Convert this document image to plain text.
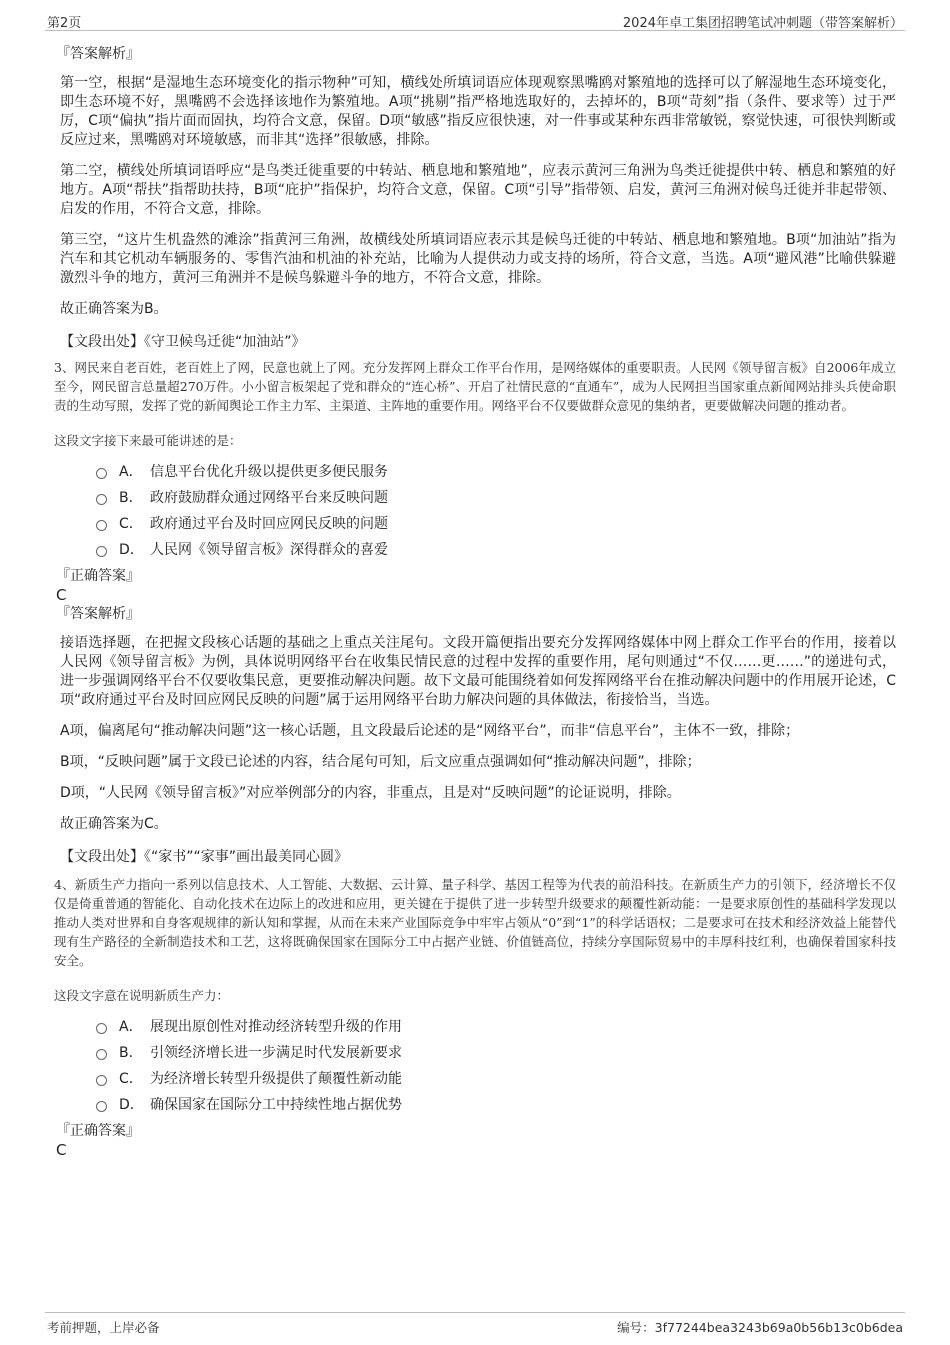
第2页	2024年卓工集团招聘笔试冲刺题（带答案解析）

『答案解析』

第一空，根据“是湿地生态环境变化的指示物种”可知，横线处所填词语应体现观察黑嘴鸥对繁殖地的选择可以了解湿地生态环境变化，即生态环境不好，黑嘴鸥不会选择该地作为繁殖地。A项“挑剔”指严格地选取好的，去掉坏的，B项“苛刻”指（条件、要求等）过于严厉，C项“偏执”指片面而固执，均符合文意，保留。D项“敏感”指反应很快速，对一件事或某种东西非常敏锐，察觉快速，可很快判断或反应过来，黑嘴鸥对环境敏感，而非其“选择”很敏感，排除。

第二空，横线处所填词语呼应“是鸟类迁徙重要的中转站、栖息地和繁殖地”，应表示黄河三角洲为鸟类迁徙提供中转、栖息和繁殖的好地方。A项“帮扶”指帮助扶持，B项“庇护”指保护，均符合文意，保留。C项“引导”指带领、启发，黄河三角洲对候鸟迁徙并非起带领、启发的作用，不符合文意，排除。

第三空，“这片生机盎然的滩涂”指黄河三角洲，故横线处所填词语应表示其是候鸟迁徙的中转站、栖息地和繁殖地。B项“加油站”指为汽车和其它机动车辆服务的、零售汽油和机油的补充站，比喻为人提供动力或支持的场所，符合文意，当选。A项“避风港”比喻供躲避激烈斗争的地方，黄河三角洲并不是候鸟躲避斗争的地方，不符合文意，排除。

故正确答案为B。

【文段出处】《守卫候鸟迁徙“加油站”》

3、网民来自老百姓，老百姓上了网，民意也就上了网。充分发挥网上群众工作平台作用，是网络媒体的重要职责。人民网《领导留言板》自2006年成立至今，网民留言总量超270万件。小小留言板架起了党和群众的“连心桥”、开启了社情民意的“直通车”，成为人民网担当国家重点新闻网站排头兵使命职责的生动写照，发挥了党的新闻舆论工作主力军、主渠道、主阵地的重要作用。网络平台不仅要做群众意见的集纳者，更要做解决问题的推动者。

这段文字接下来最可能讲述的是：

A． 信息平台优化升级以提供更多便民服务
B． 政府鼓励群众通过网络平台来反映问题
C． 政府通过平台及时回应网民反映的问题
D． 人民网《领导留言板》深得群众的喜爱

『正确答案』

C

『答案解析』

接语选择题，在把握文段核心话题的基础之上重点关注尾句。文段开篇便指出要充分发挥网络媒体中网上群众工作平台的作用，接着以人民网《领导留言板》为例，具体说明网络平台在收集民情民意的过程中发挥的重要作用，尾句则通过“不仅……更……”的递进句式，进一步强调网络平台不仅要收集民意，更要推动解决问题。故下文最可能围绕着如何发挥网络平台在推动解决问题中的作用展开论述，C项“政府通过平台及时回应网民反映的问题”属于运用网络平台助力解决问题的具体做法，衔接恰当，当选。

A项，偏离尾句“推动解决问题”这一核心话题，且文段最后论述的是“网络平台”，而非“信息平台”，主体不一致，排除；

B项，“反映问题”属于文段已论述的内容，结合尾句可知，后文应重点强调如何“推动解决问题”，排除；

D项，“人民网《领导留言板》”对应举例部分的内容，非重点，且是对“反映问题”的论证说明，排除。

故正确答案为C。

【文段出处】《“家书”“家事”画出最美同心圆》

4、新质生产力指向一系列以信息技术、人工智能、大数据、云计算、量子科学、基因工程等为代表的前沿科技。在新质生产力的引领下，经济增长不仅仅是倚重普通的智能化、自动化技术在边际上的改进和应用，更关键在于提供了进一步转型升级要求的颠覆性新动能：一是要求原创性的基础科学发现以推动人类对世界和自身客观规律的新认知和掌握，从而在未来产业国际竞争中牢牢占领从“0”到“1”的科学话语权；二是要求可在技术和经济效益上能替代现有生产路径的全新制造技术和工艺，这将既确保国家在国际分工中占据产业链、价值链高位，持续分享国际贸易中的丰厚科技红利，也确保着国家科技安全。

这段文字意在说明新质生产力：

A． 展现出原创性对推动经济转型升级的作用
B． 引领经济增长进一步满足时代发展新要求
C． 为经济增长转型升级提供了颠覆性新动能
D． 确保国家在国际分工中持续性地占据优势

『正确答案』

C

考前押题，上岸必备	编号：3f77244bea3243b69a0b56b13c0b6dea
